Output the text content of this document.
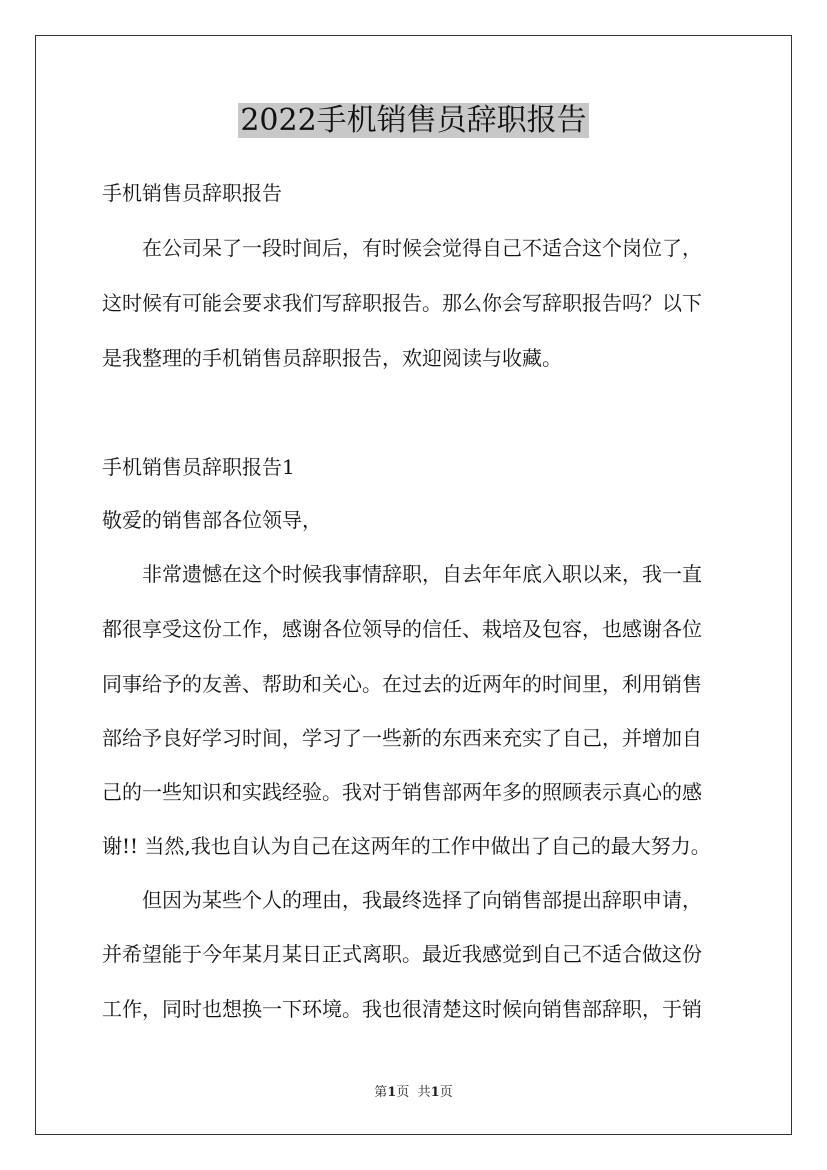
2022手机销售员辞职报告

手机销售员辞职报告

在公司呆了一段时间后，有时候会觉得自己不适合这个岗位了，

这时候有可能会要求我们写辞职报告。那么你会写辞职报告吗？以下

是我整理的手机销售员辞职报告，欢迎阅读与收藏。

手机销售员辞职报告1

敬爱的销售部各位领导，

非常遗憾在这个时候我事情辞职，自去年年底入职以来，我一直

都很享受这份工作，感谢各位领导的信任、栽培及包容，也感谢各位

同事给予的友善、帮助和关心。在过去的近两年的时间里，利用销售

部给予良好学习时间，学习了一些新的东西来充实了自己，并增加自

己的一些知识和实践经验。我对于销售部两年多的照顾表示真心的感

谢!! 当然,我也自认为自己在这两年的工作中做出了自己的最大努力。

但因为某些个人的理由，我最终选择了向销售部提出辞职申请，

并希望能于今年某月某日正式离职。最近我感觉到自己不适合做这份

工作，同时也想换一下环境。我也很清楚这时候向销售部辞职，于销

第1页 共1页
